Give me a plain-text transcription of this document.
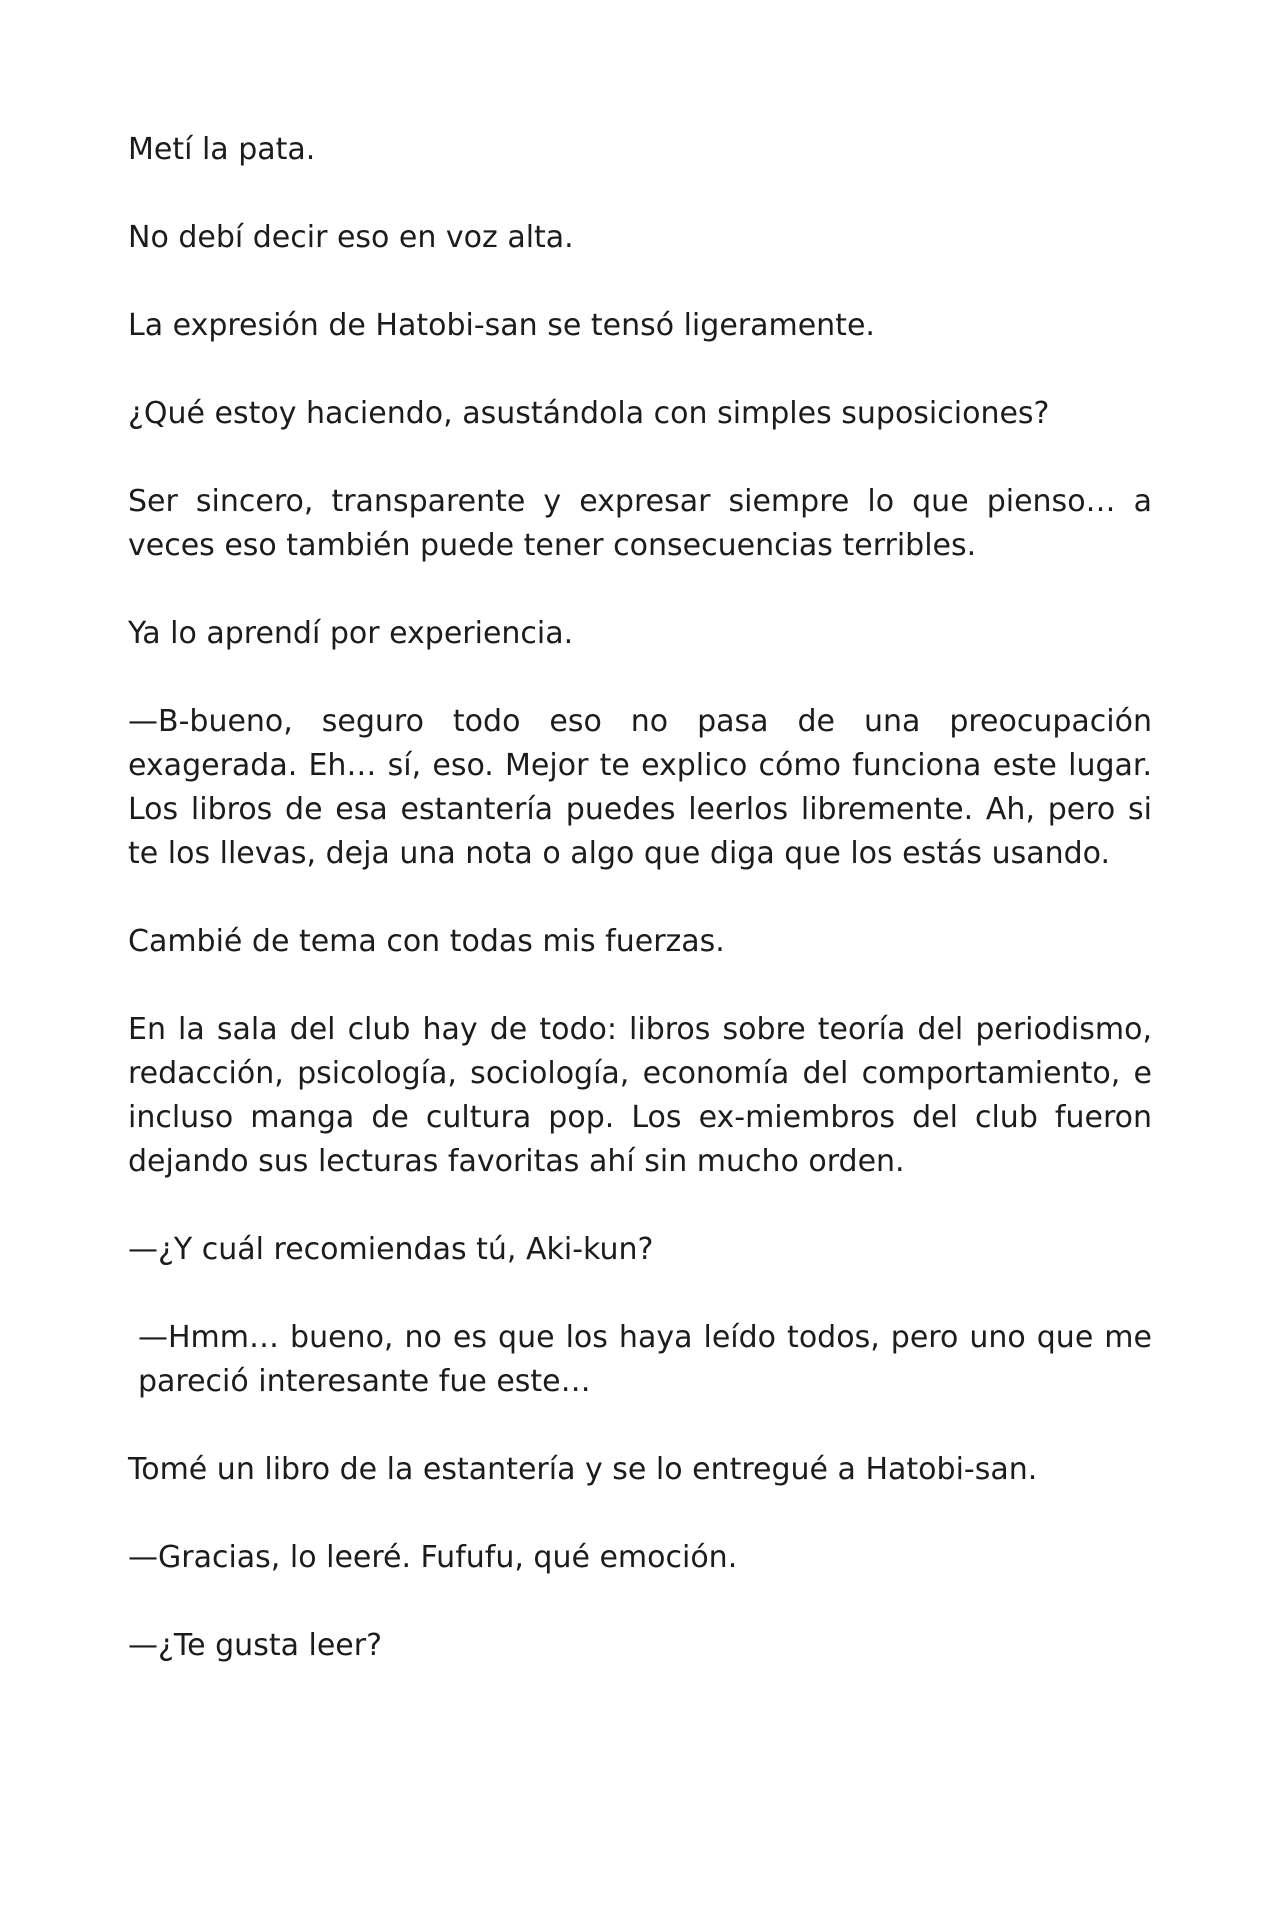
Metí la pata.

No debí decir eso en voz alta.

La expresión de Hatobi-san se tensó ligeramente.

¿Qué estoy haciendo, asustándola con simples suposiciones?

Ser sincero, transparente y expresar siempre lo que pienso… a veces eso también puede tener consecuencias terribles.

Ya lo aprendí por experiencia.

—B-bueno, seguro todo eso no pasa de una preocupación exagerada. Eh… sí, eso. Mejor te explico cómo funciona este lugar. Los libros de esa estantería puedes leerlos libremente. Ah, pero si te los llevas, deja una nota o algo que diga que los estás usando.

Cambié de tema con todas mis fuerzas.

En la sala del club hay de todo: libros sobre teoría del periodismo, redacción, psicología, sociología, economía del comportamiento, e incluso manga de cultura pop. Los ex-miembros del club fueron dejando sus lecturas favoritas ahí sin mucho orden.

—¿Y cuál recomiendas tú, Aki-kun?

—Hmm… bueno, no es que los haya leído todos, pero uno que me pareció interesante fue este…

Tomé un libro de la estantería y se lo entregué a Hatobi-san.

—Gracias, lo leeré. Fufufu, qué emoción.

—¿Te gusta leer?
